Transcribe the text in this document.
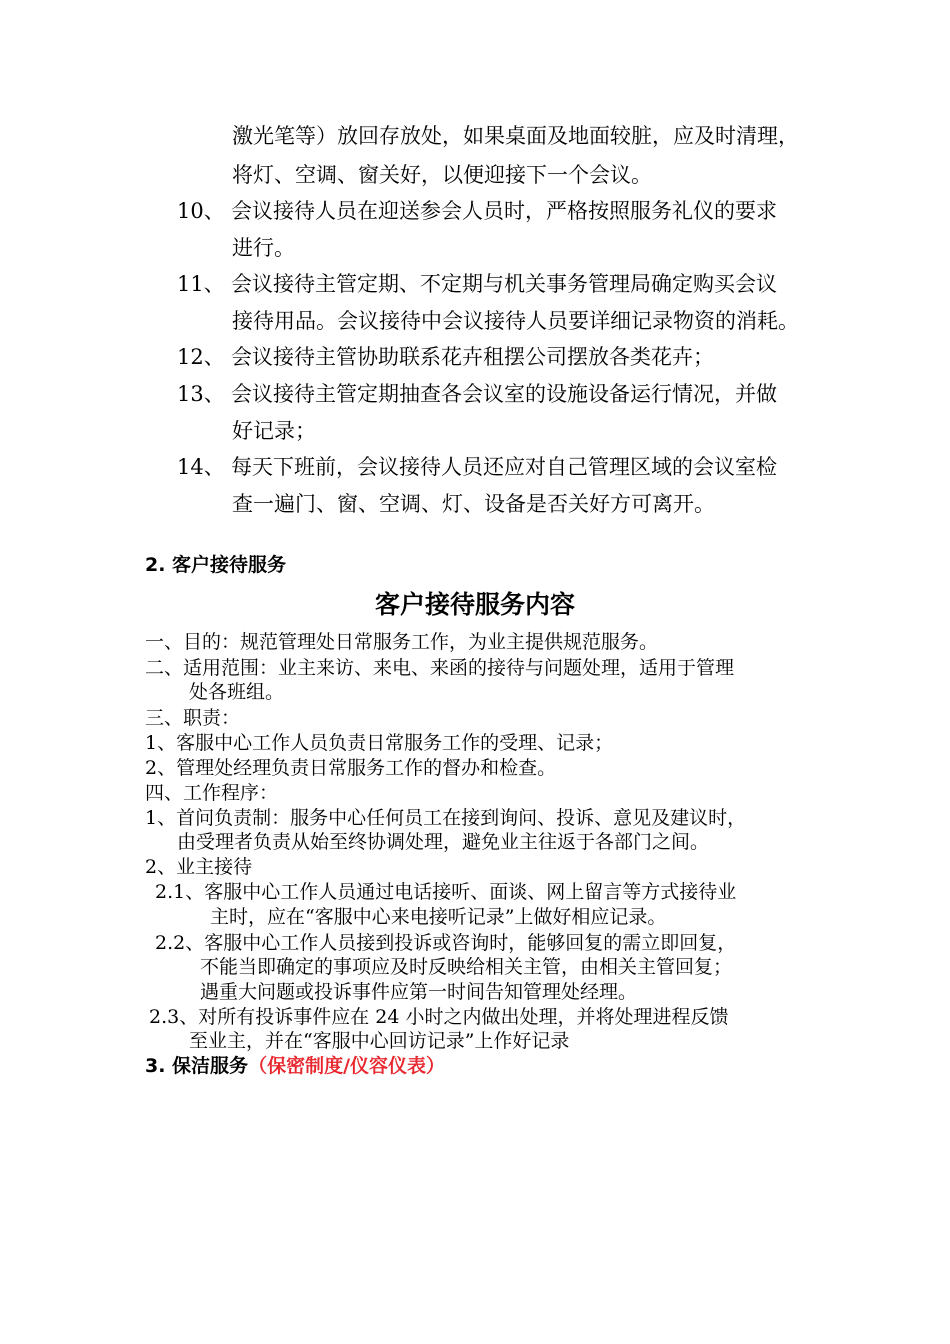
激光笔等）放回存放处，如果桌面及地面较脏，应及时清理，
将灯、空调、窗关好，以便迎接下一个会议。
10、 会议接待人员在迎送参会人员时，严格按照服务礼仪的要求
进行。
11、 会议接待主管定期、不定期与机关事务管理局确定购买会议
接待用品。会议接待中会议接待人员要详细记录物资的消耗。
12、 会议接待主管协助联系花卉租摆公司摆放各类花卉；
13、 会议接待主管定期抽查各会议室的设施设备运行情况，并做
好记录；
14、 每天下班前，会议接待人员还应对自己管理区域的会议室检
查一遍门、窗、空调、灯、设备是否关好方可离开。
2. 客户接待服务
客户接待服务内容
一、目的：规范管理处日常服务工作，为业主提供规范服务。
二、适用范围：业主来访、来电、来函的接待与问题处理，适用于管理
处各班组。
三、职责：
1、客服中心工作人员负责日常服务工作的受理、记录；
2、管理处经理负责日常服务工作的督办和检查。
四、工作程序：
1、首问负责制：服务中心任何员工在接到询问、投诉、意见及建议时，
由受理者负责从始至终协调处理，避免业主往返于各部门之间。
2、业主接待
2.1、客服中心工作人员通过电话接听、面谈、网上留言等方式接待业
主时，应在“客服中心来电接听记录”上做好相应记录。
2.2、客服中心工作人员接到投诉或咨询时，能够回复的需立即回复，
不能当即确定的事项应及时反映给相关主管，由相关主管回复；
遇重大问题或投诉事件应第一时间告知管理处经理。
2.3、对所有投诉事件应在 24 小时之内做出处理，并将处理进程反馈
至业主，并在“客服中心回访记录”上作好记录
3. 保洁服务（保密制度/仪容仪表）
